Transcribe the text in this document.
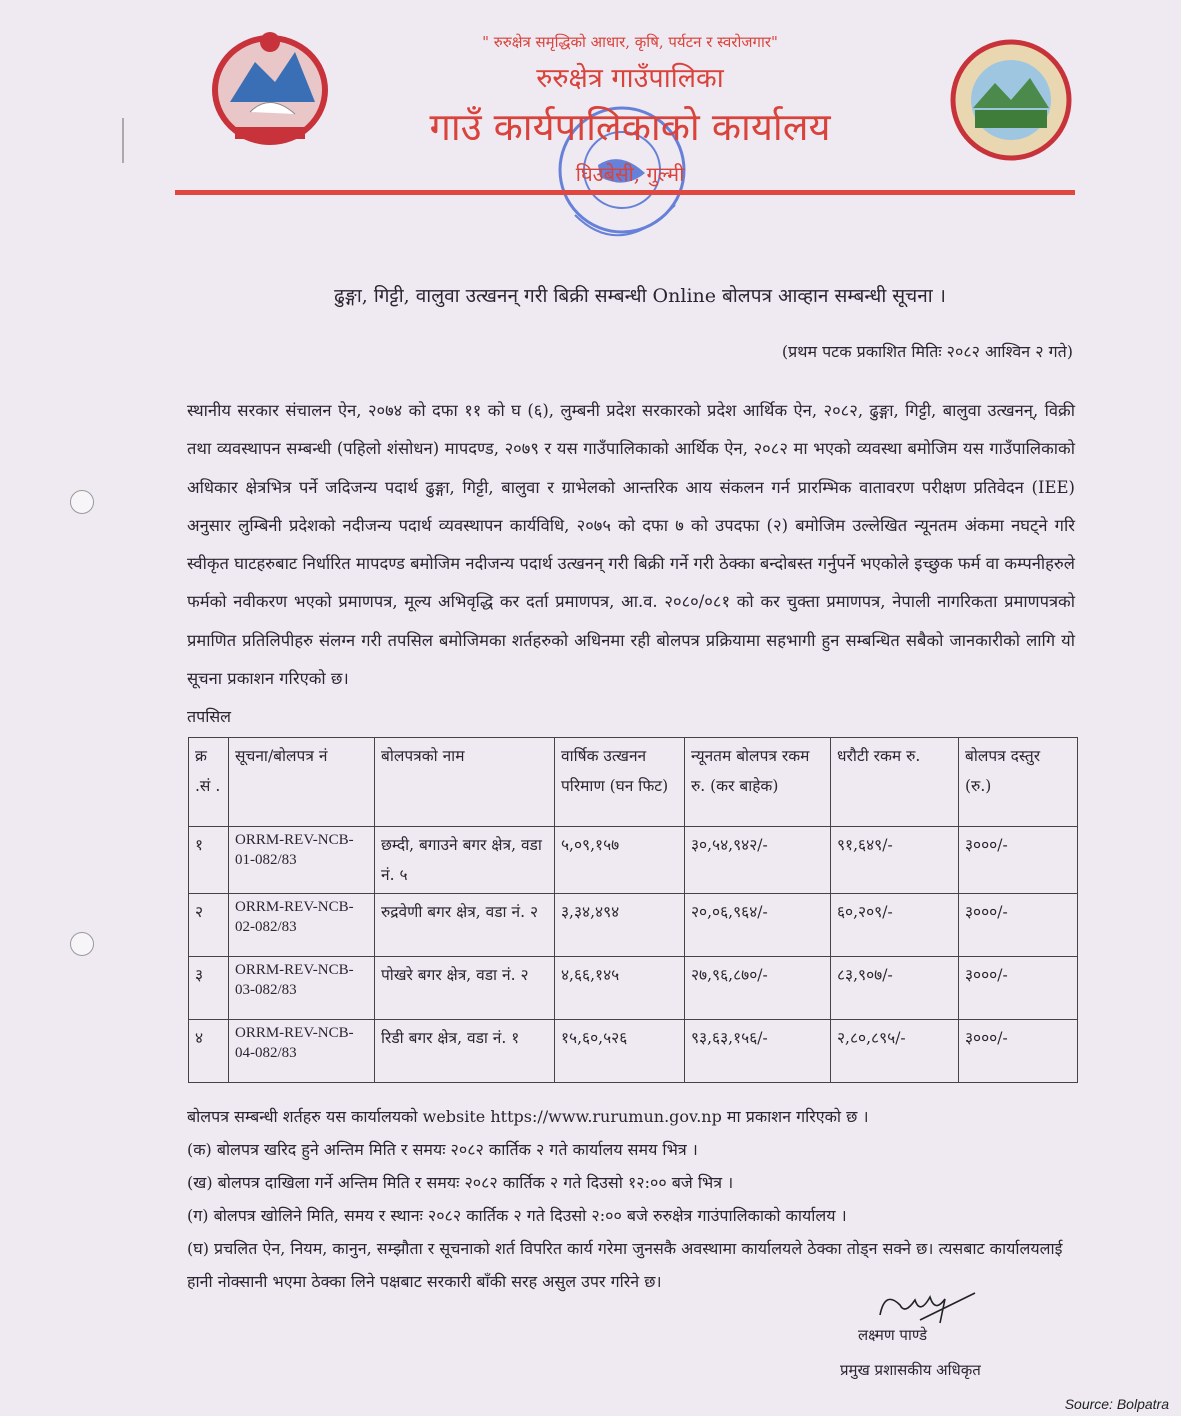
" रुरुक्षेत्र समृद्धिको आधार, कृषि, पर्यटन र स्वरोजगार"
रुरुक्षेत्र गाउँपालिका
गाउँ कार्यपालिकाको कार्यालय
घिउबेसी, गुल्मी
ढुङ्गा, गिट्टी, वालुवा उत्खनन् गरी बिक्री सम्बन्धी Online बोलपत्र आव्हान सम्बन्धी सूचना ।
(प्रथम पटक प्रकाशित मितिः २०८२ आश्विन २ गते)
स्थानीय सरकार संचालन ऐन, २०७४ को दफा ११ को घ (६), लुम्बनी प्रदेश सरकारको प्रदेश आर्थिक ऐन, २०८२, ढुङ्गा, गिट्टी, बालुवा उत्खनन्, विक्री तथा व्यवस्थापन सम्बन्धी (पहिलो शंसोधन) मापदण्ड, २०७९ र यस गाउँपालिकाको आर्थिक ऐन, २०८२ मा भएको व्यवस्था बमोजिम यस गाउँपालिकाको अधिकार क्षेत्रभित्र पर्ने जदिजन्य पदार्थ ढुङ्गा, गिट्टी, बालुवा र ग्राभेलको आन्तरिक आय संकलन गर्न प्रारम्भिक वातावरण परीक्षण प्रतिवेदन (IEE) अनुसार लुम्बिनी प्रदेशको नदीजन्य पदार्थ व्यवस्थापन कार्यविधि, २०७५ को दफा ७ को उपदफा (२) बमोजिम उल्लेखित न्यूनतम अंकमा नघट्ने गरि स्वीकृत घाटहरुबाट निर्धारित मापदण्ड बमोजिम नदीजन्य पदार्थ उत्खनन् गरी बिक्री गर्ने गरी ठेक्का बन्दोबस्त गर्नुपर्ने भएकोले इच्छुक फर्म वा कम्पनीहरुले फर्मको नवीकरण भएको प्रमाणपत्र, मूल्य अभिवृद्धि कर दर्ता प्रमाणपत्र, आ.व. २०८०/०८१ को कर चुक्ता प्रमाणपत्र, नेपाली नागरिकता प्रमाणपत्रको प्रमाणित प्रतिलिपीहरु संलग्न गरी तपसिल बमोजिमका शर्तहरुको अधिनमा रही बोलपत्र प्रक्रियामा सहभागी हुन सम्बन्धित सबैको जानकारीको लागि यो सूचना प्रकाशन गरिएको छ।
तपसिल
क्र .सं .	सूचना/बोलपत्र नं	बोलपत्रको नाम	वार्षिक उत्खनन परिमाण (घन फिट)	न्यूनतम बोलपत्र रकम रु. (कर बाहेक)	धरौटी रकम रु.	बोलपत्र दस्तुर (रु.)
१	ORRM-REV-NCB-01-082/83	छम्दी, बगाउने बगर क्षेत्र, वडा नं. ५	५,०९,१५७	३०,५४,९४२/-	९१,६४९/-	३०००/-
२	ORRM-REV-NCB-02-082/83	रुद्रवेणी बगर क्षेत्र, वडा नं. २	३,३४,४९४	२०,०६,९६४/-	६०,२०९/-	३०००/-
३	ORRM-REV-NCB-03-082/83	पोखरे बगर क्षेत्र, वडा नं. २	४,६६,१४५	२७,९६,८७०/-	८३,९०७/-	३०००/-
४	ORRM-REV-NCB-04-082/83	रिडी बगर क्षेत्र, वडा नं. १	१५,६०,५२६	९३,६३,१५६/-	२,८०,८९५/-	३०००/-
बोलपत्र सम्बन्धी शर्तहरु यस कार्यालयको website https://www.rurumun.gov.np मा प्रकाशन गरिएको छ ।
(क) बोलपत्र खरिद हुने अन्तिम मिति र समयः २०८२ कार्तिक २ गते कार्यालय समय भित्र ।
(ख) बोलपत्र दाखिला गर्ने अन्तिम मिति र समयः २०८२ कार्तिक २ गते दिउसो १२:०० बजे भित्र ।
(ग) बोलपत्र खोलिने मिति, समय र स्थानः २०८२ कार्तिक २ गते दिउसो २:०० बजे रुरुक्षेत्र गाउंपालिकाको कार्यालय ।
(घ) प्रचलित ऐन, नियम, कानुन, सम्झौता र सूचनाको शर्त विपरित कार्य गरेमा जुनसकै अवस्थामा कार्यालयले ठेक्का तोड्न सक्ने छ। त्यसबाट कार्यालयलाई हानी नोक्सानी भएमा ठेक्का लिने पक्षबाट सरकारी बाँकी सरह असुल उपर गरिने छ।
लक्ष्मण पाण्डे
प्रमुख प्रशासकीय अधिकृत
Source: Bolpatra
